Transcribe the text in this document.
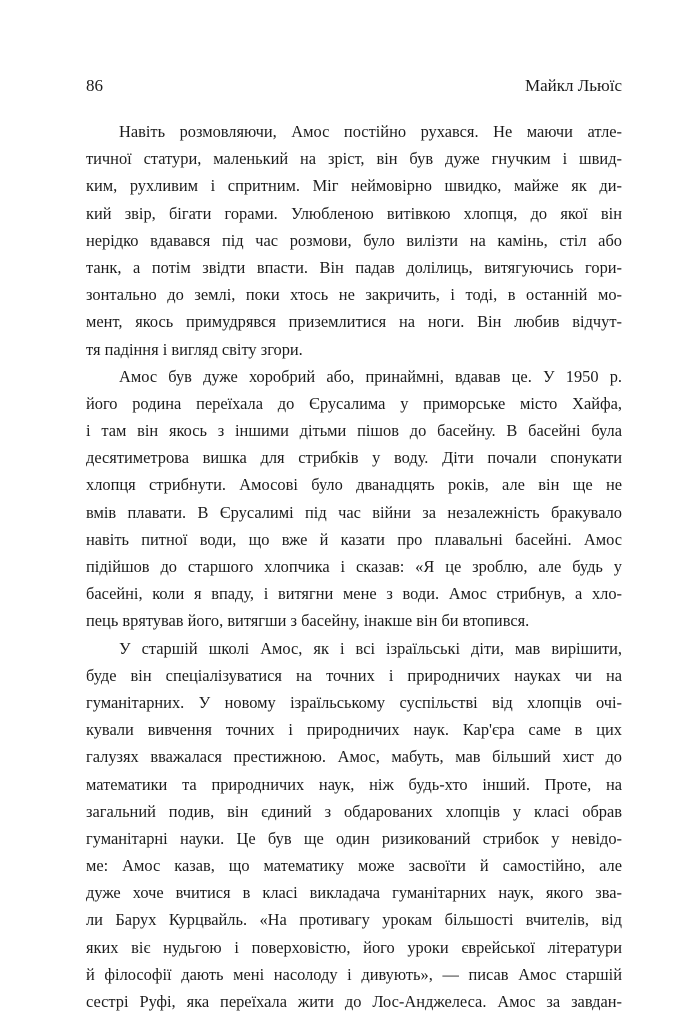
86	Майкл Льюїс
Навіть розмовляючи, Амос постійно рухався. Не маючи атле-
тичної статури, маленький на зріст, він був дуже гнучким і швид-
ким, рухливим і спритним. Міг неймовірно швидко, майже як ди-
кий звір, бігати горами. Улюбленою витівкою хлопця, до якої він
нерідко вдавався під час розмови, було вилізти на камінь, стіл або
танк, а потім звідти впасти. Він падав долілиць, витягуючись гори-
зонтально до землі, поки хтось не закричить, і тоді, в останній мо-
мент, якось примудрявся приземлитися на ноги. Він любив відчут-
тя падіння і вигляд світу згори.
Амос був дуже хоробрий або, принаймні, вдавав це. У 1950 р.
його родина переїхала до Єрусалима у приморське місто Хайфа,
і там він якось з іншими дітьми пішов до басейну. В басейні була
десятиметрова вишка для стрибків у воду. Діти почали спонукати
хлопця стрибнути. Амосові було дванадцять років, але він ще не
вмів плавати. В Єрусалимі під час війни за незалежність бракувало
навіть питної води, що вже й казати про плавальні басейні. Амос
підійшов до старшого хлопчика і сказав: «Я це зроблю, але будь у
басейні, коли я впаду, і витягни мене з води. Амос стрибнув, а хло-
пець врятував його, витягши з басейну, інакше він би втопився.
У старшій школі Амос, як і всі ізраїльські діти, мав вирішити,
буде він спеціалізуватися на точних і природничих науках чи на
гуманітарних. У новому ізраїльському суспільстві від хлопців очі-
кували вивчення точних і природничих наук. Кар'єра саме в цих
галузях вважалася престижною. Амос, мабуть, мав більший хист до
математики та природничих наук, ніж будь-хто інший. Проте, на
загальний подив, він єдиний з обдарованих хлопців у класі обрав
гуманітарні науки. Це був ще один ризикований стрибок у невідо-
ме: Амос казав, що математику може засвоїти й самостійно, але
дуже хоче вчитися в класі викладача гуманітарних наук, якого зва-
ли Барух Курцвайль. «На противагу урокам більшості вчителів, від
яких віє нудьгою і поверховістю, його уроки єврейської літератури
й філософії дають мені насолоду і дивують», — писав Амос старшій
сестрі Руфі, яка переїхала жити до Лос-Анджелеса. Амос за завдан-
